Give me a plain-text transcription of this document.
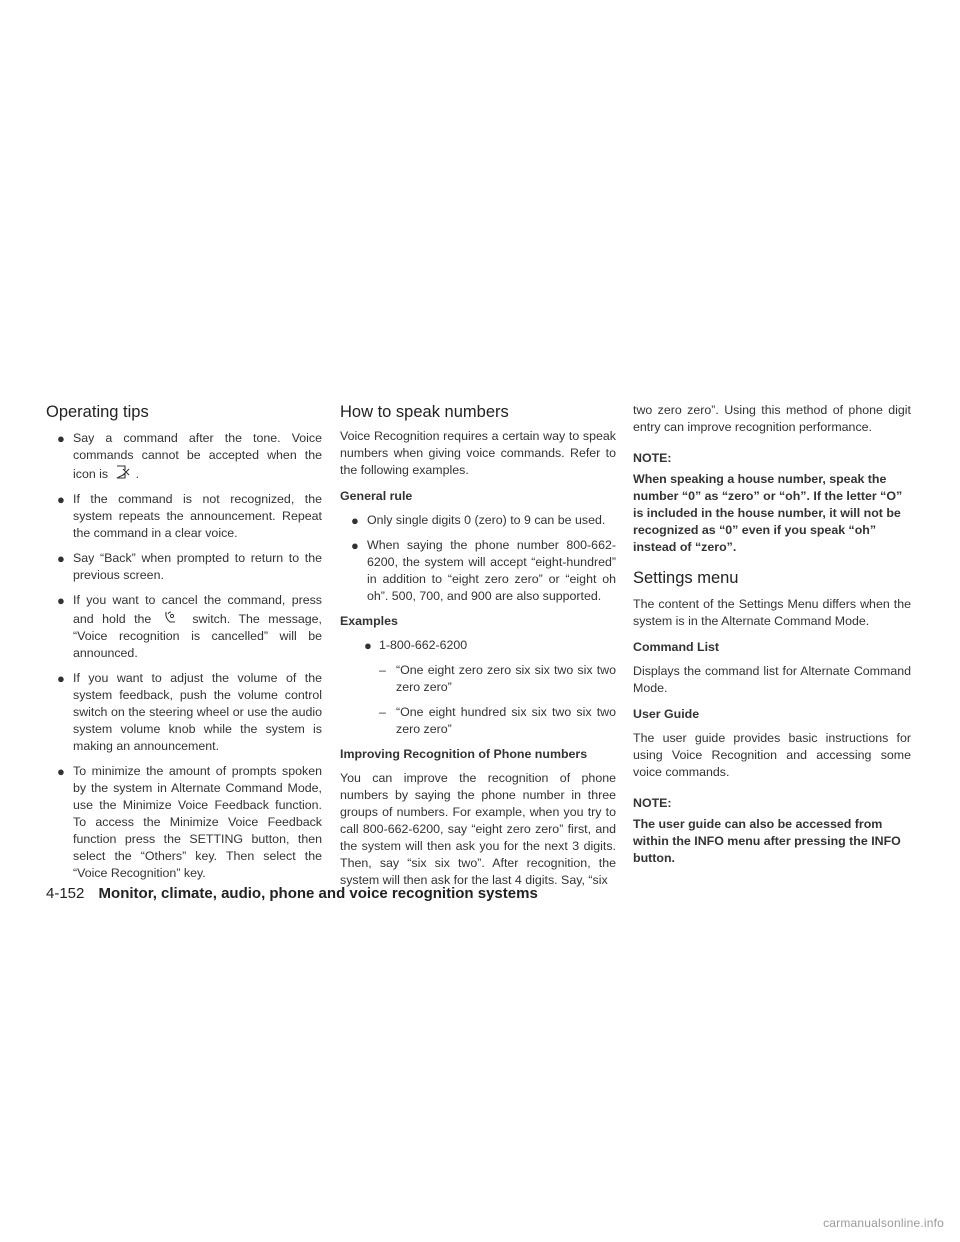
Operating tips
● Say a command after the tone. Voice commands cannot be accepted when the icon is .
● If the command is not recognized, the system repeats the announcement. Repeat the command in a clear voice.
● Say “Back” when prompted to return to the previous screen.
● If you want to cancel the command, press and hold the	switch. The message, “Voice recognition is cancelled” will be announced.
● If you want to adjust the volume of the system feedback, push the volume control switch on the steering wheel or use the audio system volume knob while the system is making an announcement.
● To minimize the amount of prompts spoken by the system in Alternate Command Mode, use the Minimize Voice Feedback function. To access the Minimize Voice Feedback function press the SETTING button, then select the “Others” key. Then select the “Voice Recognition” key.
How to speak numbers

Voice Recognition requires a certain way to speak numbers when giving voice commands. Refer to the following examples.

General rule
● Only single digits 0 (zero) to 9 can be used.
● When saying the phone number 800-662-6200, the system will accept “eight-hundred” in addition to “eight zero zero” or “eight oh oh”. 500, 700, and 900 are also supported.
Examples
● 1-800-662-6200
– “One eight zero zero six six two six two zero zero”
– “One eight hundred six six two six two zero zero”
Improving Recognition of Phone numbers

You can improve the recognition of phone numbers by saying the phone number in three groups of numbers. For example, when you try to call 800-662-6200, say “eight zero zero” first, and the system will then ask you for the next 3 digits. Then, say “six six two”. After recognition, the system will then ask for the last 4 digits. Say, “six

two zero zero”. Using this method of phone digit entry can improve recognition performance.

NOTE:
When speaking a house number, speak the number “0” as “zero” or “oh”. If the letter “O” is included in the house number, it will not be recognized as “0” even if you speak “oh” instead of “zero”.
Settings menu

The content of the Settings Menu differs when the system is in the Alternate Command Mode.

Command List

Displays the command list for Alternate Command Mode.

User Guide

The user guide provides basic instructions for using Voice Recognition and accessing some voice commands.

NOTE:
The user guide can also be accessed from within the INFO menu after pressing the INFO button.
4-152 Monitor, climate, audio, phone and voice recognition systems
carmanualsonline.info
